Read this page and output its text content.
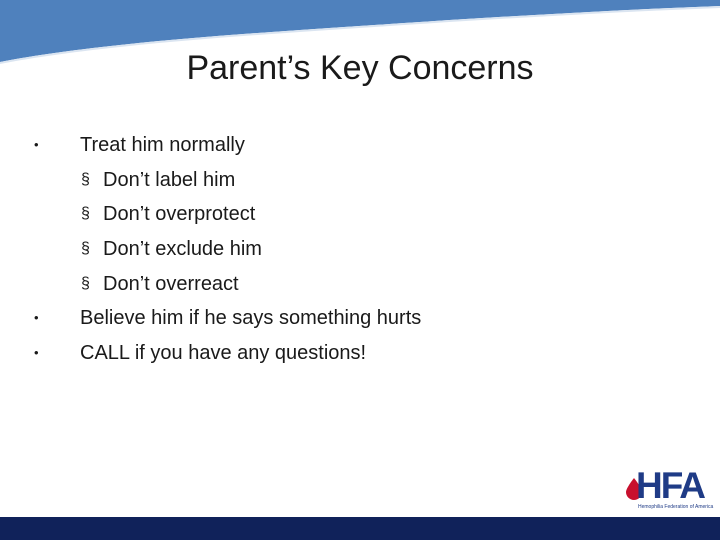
Parent’s Key Concerns
• Treat him normally
§ Don’t label him
§ Don’t overprotect
§ Don’t exclude him
§ Don’t overreact
• Believe him if he says something hurts
• CALL if you have any questions!
HFA
Hemophilia Federation of America
